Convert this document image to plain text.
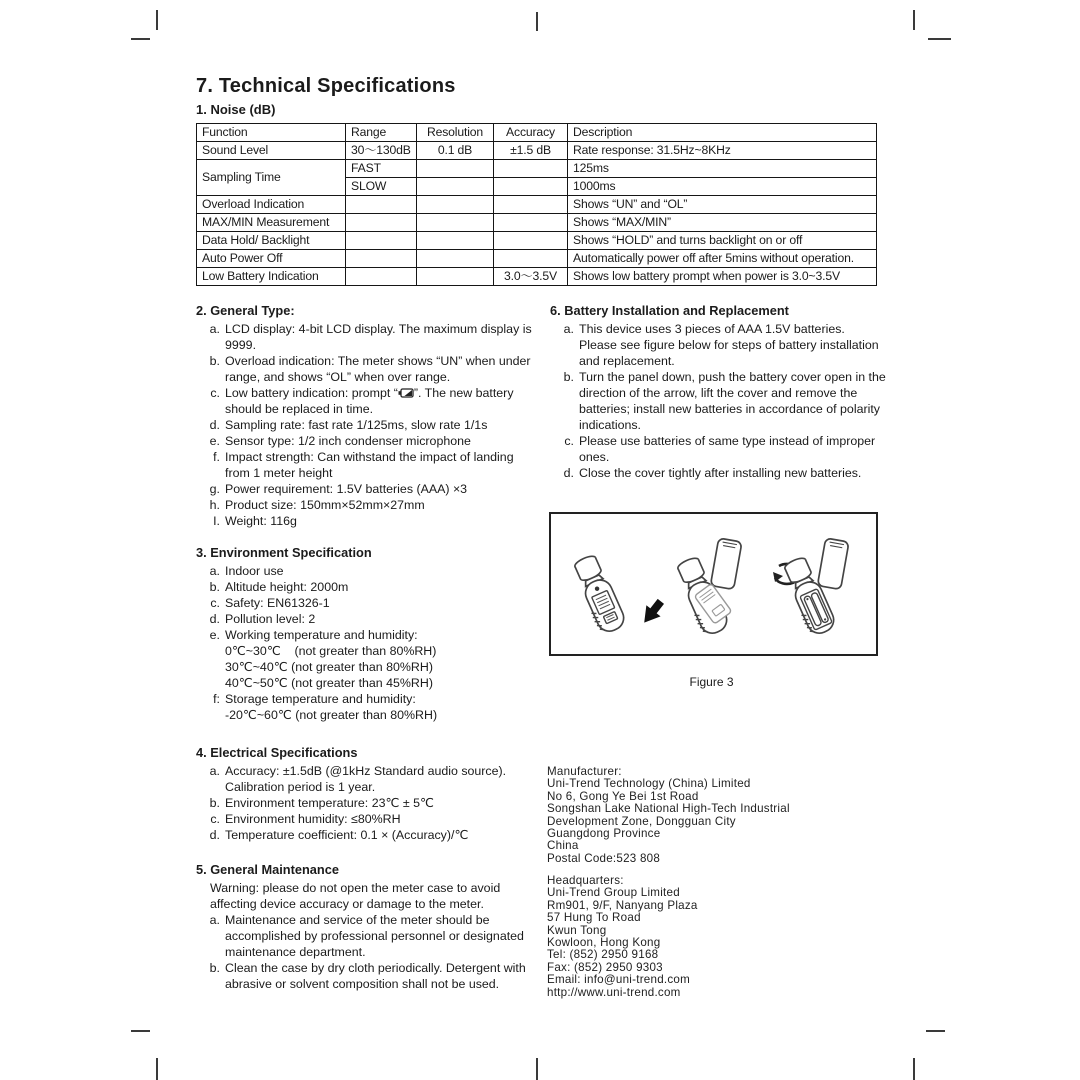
7. Technical Specifications
1. Noise (dB)
Function	Range	Resolution	Accuracy	Description
Sound Level	30～130dB	0.1 dB	±1.5 dB	Rate response: 31.5Hz~8KHz
Sampling Time	FAST			125ms
	SLOW			1000ms
Overload Indication				Shows “UN” and “OL”
MAX/MIN Measurement				Shows “MAX/MIN”
Data Hold/ Backlight				Shows “HOLD” and turns backlight on or off
Auto Power Off				Automatically power off after 5mins without operation.
Low Battery Indication			3.0～3.5V	Shows low battery prompt when power is 3.0~3.5V
2. General Type:
a. LCD display: 4-bit LCD display. The maximum display is 9999.
b. Overload indication: The meter shows “UN” when under range, and shows “OL” when over range.
c. Low battery indication: prompt “ ”. The new battery should be replaced in time.
d. Sampling rate: fast rate 1/125ms, slow rate 1/1s
e. Sensor type: 1/2 inch condenser microphone
f. Impact strength: Can withstand the impact of landing from 1 meter height
g. Power requirement: 1.5V batteries (AAA) ×3
h. Product size: 150mm×52mm×27mm
I. Weight: 116g
3. Environment Specification
a. Indoor use
b. Altitude height: 2000m
c. Safety: EN61326-1
d. Pollution level: 2
e. Working temperature and humidity:
0℃~30℃    (not greater than 80%RH)
30℃~40℃ (not greater than 80%RH)
40℃~50℃ (not greater than 45%RH)
f: Storage temperature and humidity:
-20℃~60℃ (not greater than 80%RH)
4. Electrical Specifications
a. Accuracy: ±1.5dB (@1kHz Standard audio source). Calibration period is 1 year.
b. Environment temperature: 23℃ ± 5℃
c. Environment humidity: ≤80%RH
d. Temperature coefficient: 0.1 × (Accuracy)/℃
5. General Maintenance
Warning: please do not open the meter case to avoid affecting device accuracy or damage to the meter.
a. Maintenance and service of the meter should be accomplished by professional personnel or designated maintenance department.
b. Clean the case by dry cloth periodically. Detergent with abrasive or solvent composition shall not be used.
6. Battery Installation and Replacement
a. This device uses 3 pieces of AAA 1.5V batteries. Please see figure below for steps of battery installation and replacement.
b. Turn the panel down, push the battery cover open in the direction of the arrow, lift the cover and remove the batteries; install new batteries in accordance of polarity indications.
c. Please use batteries of same type instead of improper ones.
d. Close the cover tightly after installing new batteries.
Figure 3
Manufacturer:
Uni-Trend Technology (China) Limited
No 6, Gong Ye Bei 1st Road
Songshan Lake National High-Tech Industrial
Development Zone, Dongguan City
Guangdong Province
China
Postal Code:523 808
Headquarters:
Uni-Trend Group Limited
Rm901, 9/F, Nanyang Plaza
57 Hung To Road
Kwun Tong
Kowloon, Hong Kong
Tel: (852) 2950 9168
Fax: (852) 2950 9303
Email: info@uni-trend.com
http://www.uni-trend.com
